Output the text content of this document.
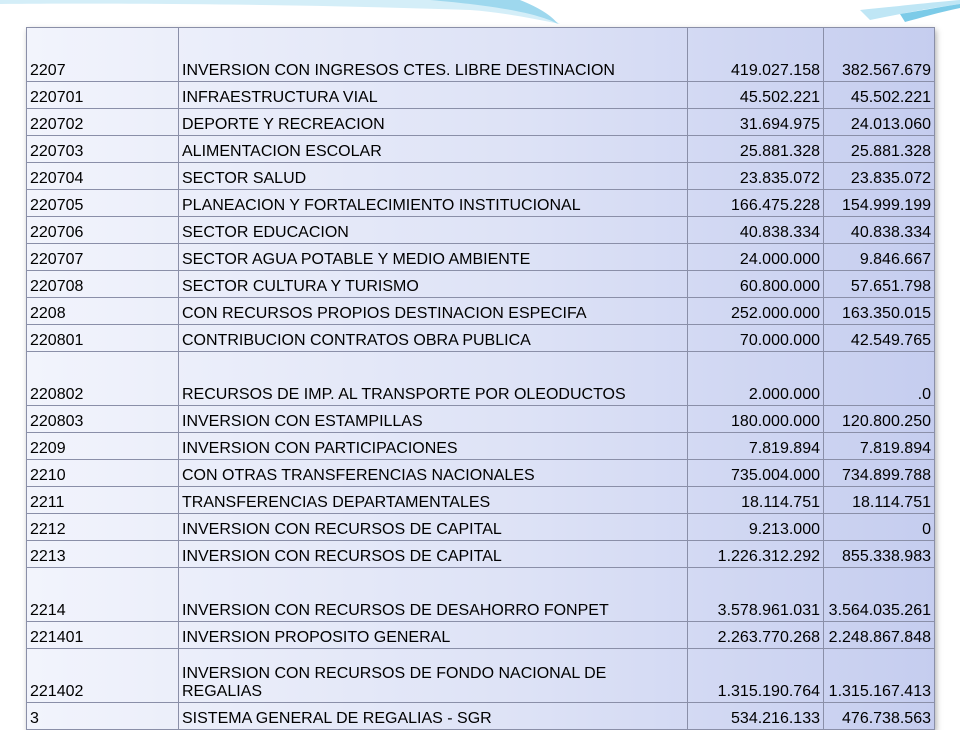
2207	INVERSION CON INGRESOS CTES. LIBRE DESTINACION	419.027.158	382.567.679
220701	INFRAESTRUCTURA VIAL	45.502.221	45.502.221
220702	DEPORTE Y RECREACION	31.694.975	24.013.060
220703	ALIMENTACION ESCOLAR	25.881.328	25.881.328
220704	SECTOR SALUD	23.835.072	23.835.072
220705	PLANEACION Y FORTALECIMIENTO INSTITUCIONAL	166.475.228	154.999.199
220706	SECTOR EDUCACION	40.838.334	40.838.334
220707	SECTOR AGUA POTABLE Y MEDIO AMBIENTE	24.000.000	9.846.667
220708	SECTOR CULTURA Y TURISMO	60.800.000	57.651.798
2208	CON RECURSOS PROPIOS DESTINACION ESPECIFA	252.000.000	163.350.015
220801	CONTRIBUCION CONTRATOS OBRA PUBLICA	70.000.000	42.549.765
220802	RECURSOS DE IMP. AL TRANSPORTE POR OLEODUCTOS	2.000.000	.0
220803	INVERSION CON ESTAMPILLAS	180.000.000	120.800.250
2209	INVERSION CON PARTICIPACIONES	7.819.894	7.819.894
2210	CON OTRAS TRANSFERENCIAS NACIONALES	735.004.000	734.899.788
2211	TRANSFERENCIAS DEPARTAMENTALES	18.114.751	18.114.751
2212	INVERSION CON RECURSOS DE CAPITAL	9.213.000	0
2213	INVERSION CON RECURSOS DE CAPITAL	1.226.312.292	855.338.983
2214	INVERSION CON RECURSOS DE DESAHORRO FONPET	3.578.961.031	3.564.035.261
221401	INVERSION PROPOSITO GENERAL	2.263.770.268	2.248.867.848
221402	INVERSION CON RECURSOS DE FONDO NACIONAL DE REGALIAS	1.315.190.764	1.315.167.413
3	SISTEMA GENERAL DE REGALIAS - SGR	534.216.133	476.738.563
